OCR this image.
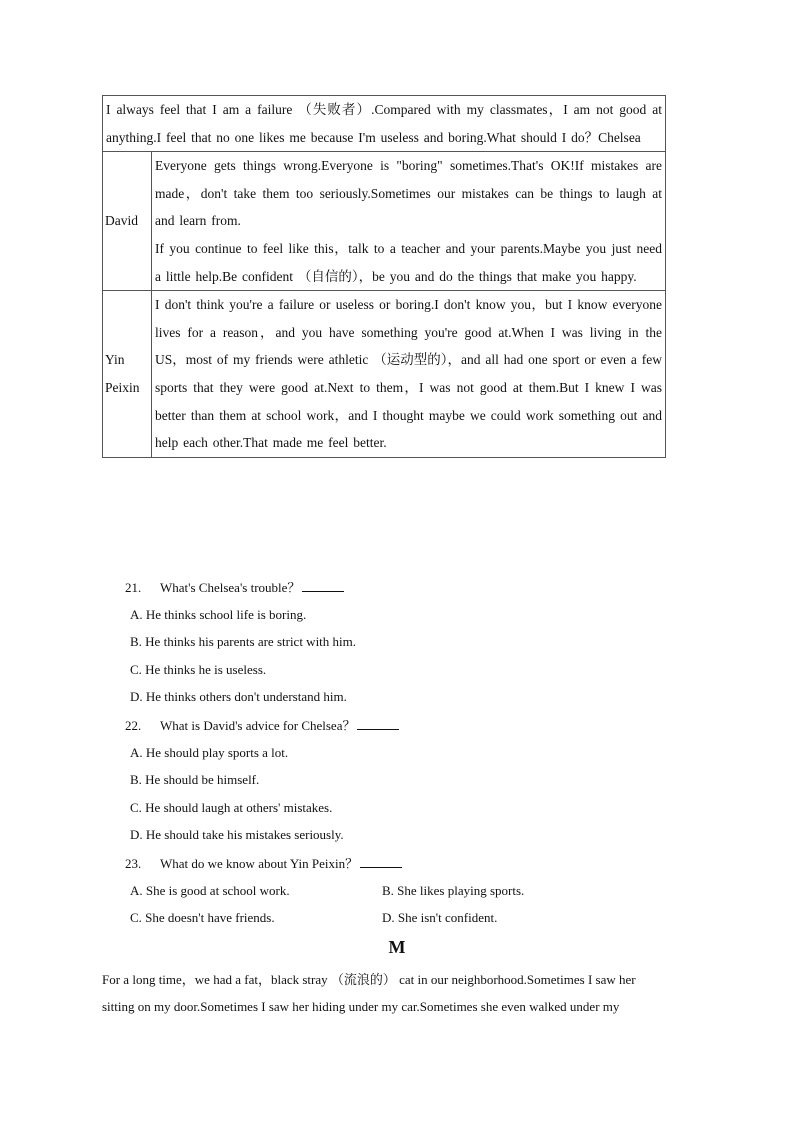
I always feel that I am a failure （失败者）.Compared with my classmates，I am not good at anything.I feel that no one likes me because I'm useless and boring.What should I do？Chelsea	

David	Everyone gets things wrong.Everyone is "boring" sometimes.That's OK!If mistakes are made，don't take them too seriously.Sometimes our mistakes can be things to laugh at and learn from.
If you continue to feel like this，talk to a teacher and your parents.Maybe you just need a little help.Be confident （自信的），be you and do the things that make you happy.

Yin Peixin	I don't think you're a failure or useless or boring.I don't know you，but I know everyone lives for a reason，and you have something you're good at.When I was living in the US，most of my friends were athletic （运动型的），and all had one sport or even a few sports that they were good at.Next to them，I was not good at them.But I knew I was better than them at school work，and I thought maybe we could work something out and help each other.That made me feel better.
21. What's Chelsea's trouble？
A. He thinks school life is boring.
B. He thinks his parents are strict with him.
C. He thinks he is useless.
D. He thinks others don't understand him.
22. What is David's advice for Chelsea？
A. He should play sports a lot.
B. He should be himself.
C. He should laugh at others' mistakes.
D. He should take his mistakes seriously.
23. What do we know about Yin Peixin？
A. She is good at school work.	B. She likes playing sports.
C. She doesn't have friends.	D. She isn't confident.
M
For a long time，we had a fat，black stray （流浪的） cat in our neighborhood.Sometimes I saw her
sitting on my door.Sometimes I saw her hiding under my car.Sometimes she even walked under my
